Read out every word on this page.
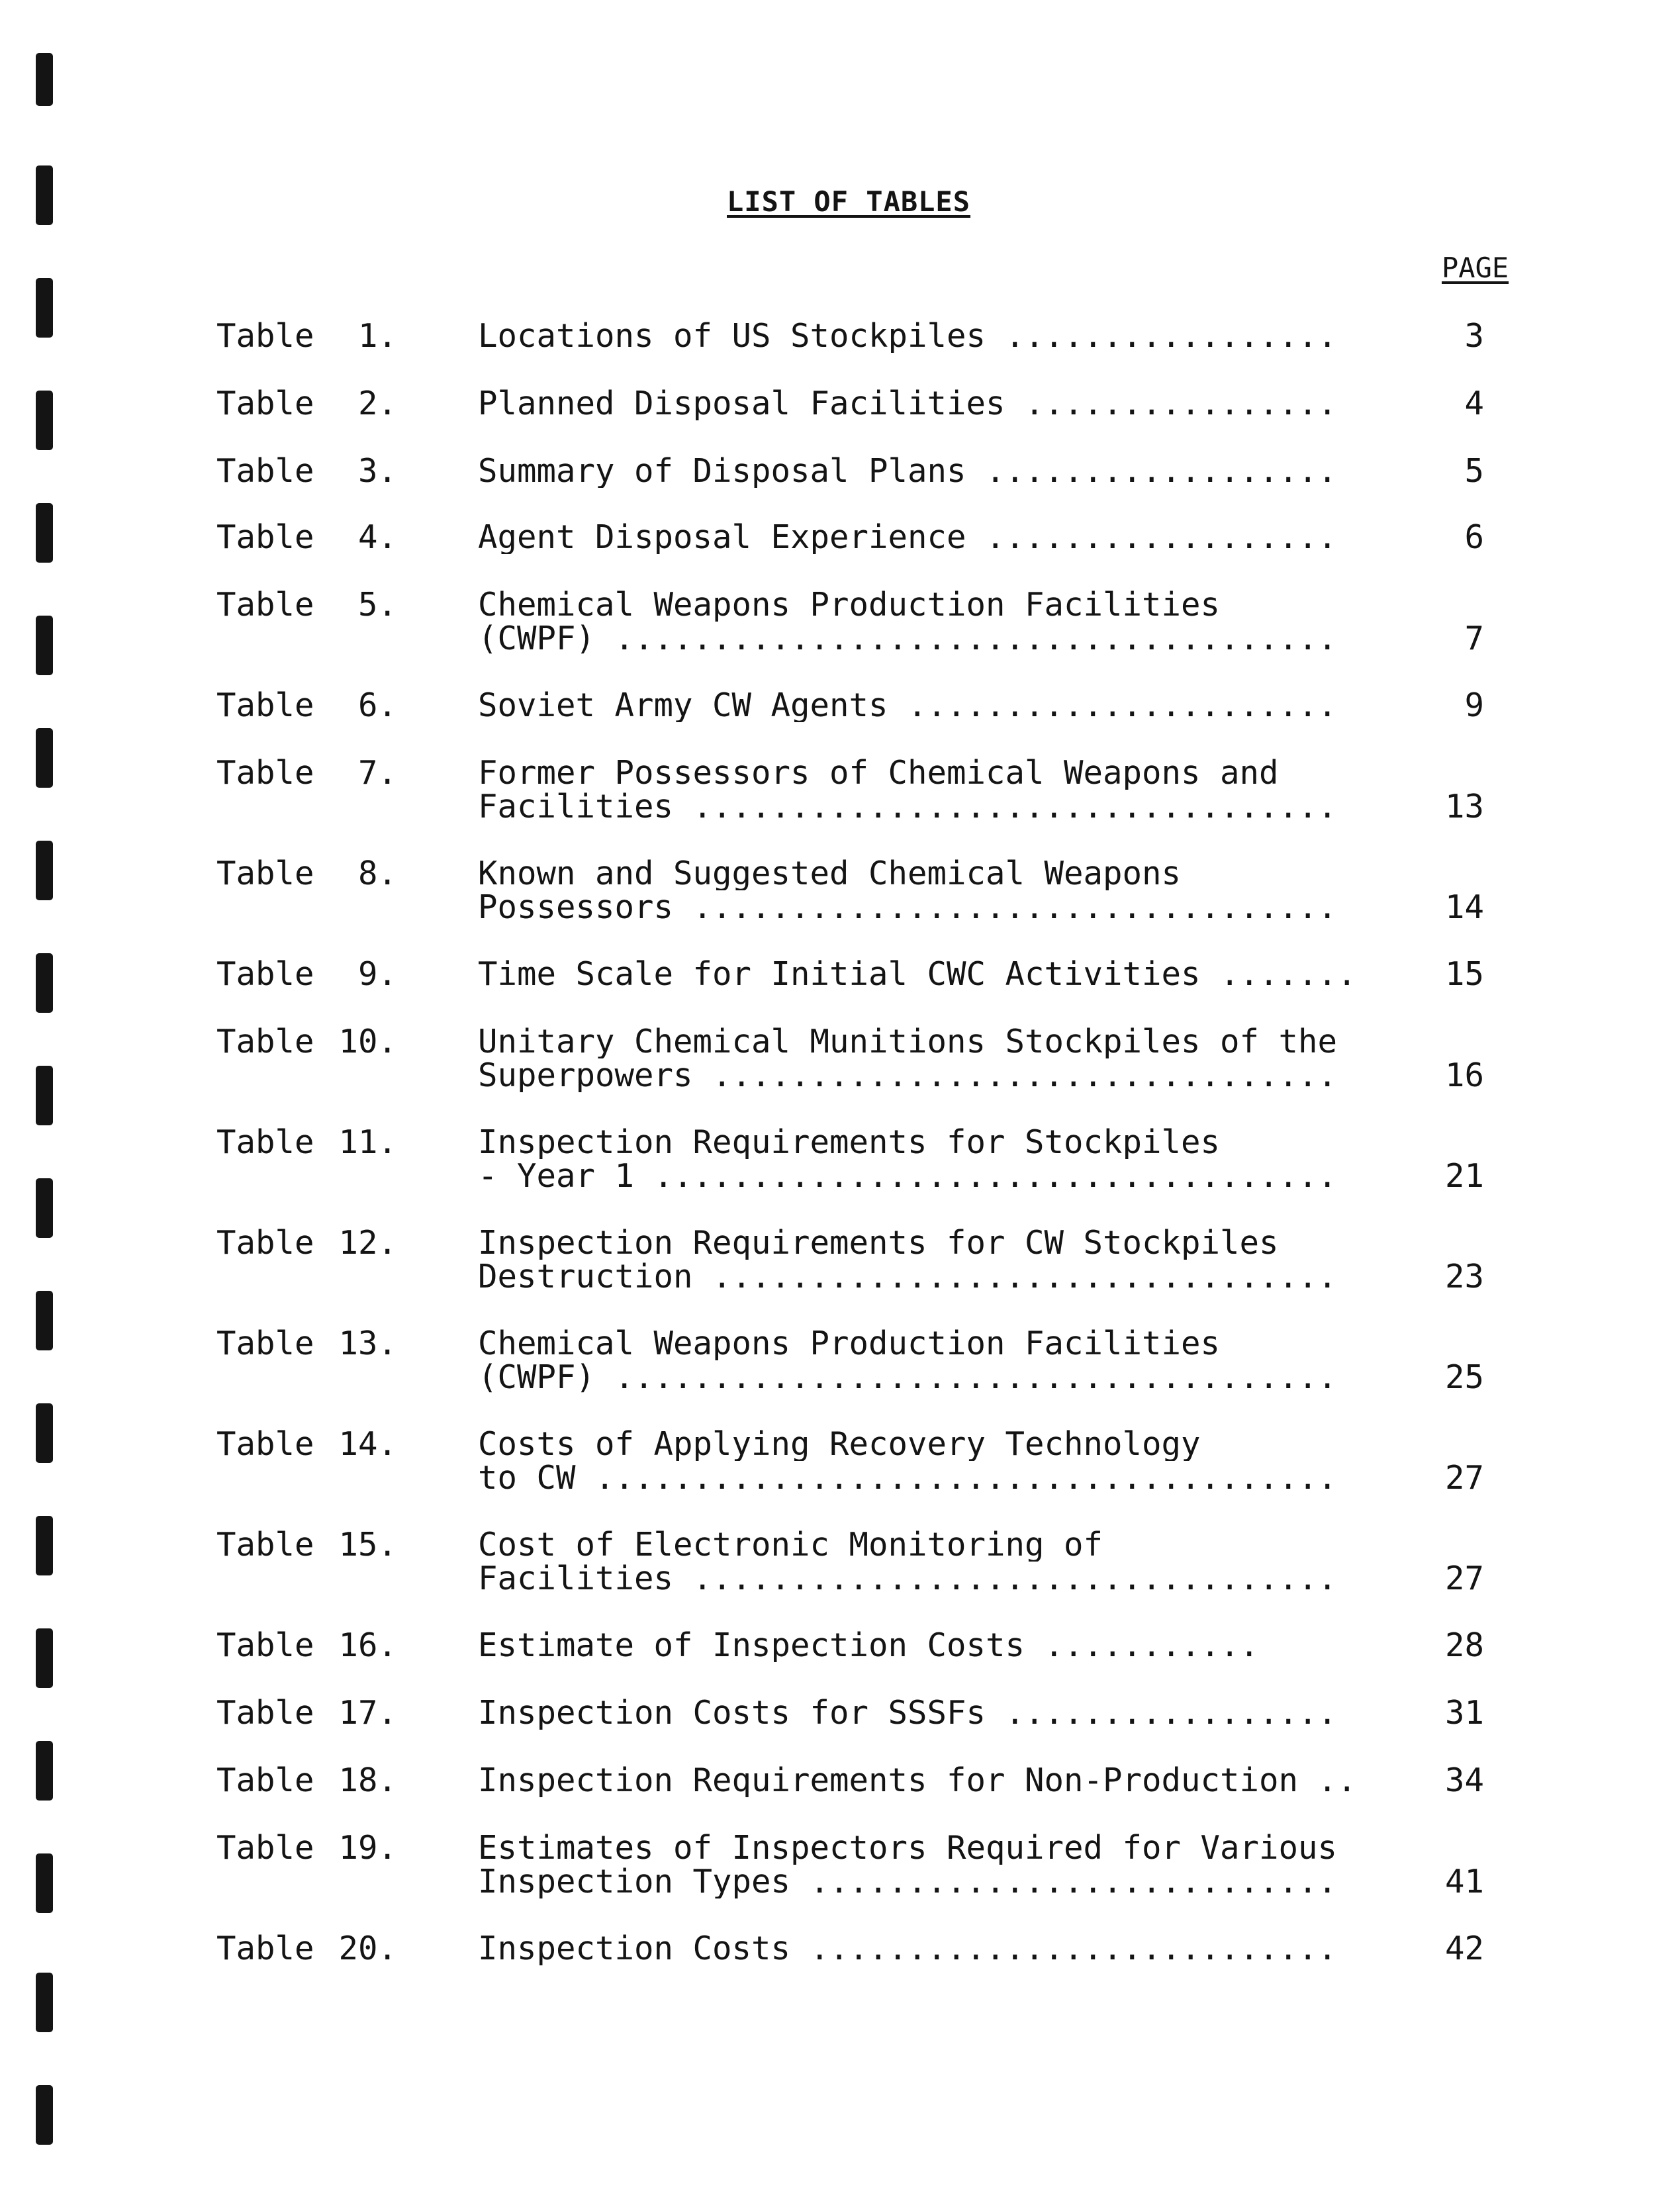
LIST OF TABLES
PAGE
Table	1. Locations of US Stockpiles .................	3
Table	2. Planned Disposal Facilities ................	4
Table	3. Summary of Disposal Plans ..................	5
Table	4. Agent Disposal Experience ..................	6
Table	5. Chemical Weapons Production Facilities
(CWPF) .....................................	7
Table	6. Soviet Army CW Agents ......................	9
Table	7. Former Possessors of Chemical Weapons and
Facilities .................................	13
Table	8. Known and Suggested Chemical Weapons
Possessors .................................	14
Table	9. Time Scale for Initial CWC Activities .......	15
Table 10. Unitary Chemical Munitions Stockpiles of the
Superpowers ................................	16
Table 11. Inspection Requirements for Stockpiles
- Year 1 ...................................	21
Table 12. Inspection Requirements for CW Stockpiles
Destruction ................................	23
Table 13. Chemical Weapons Production Facilities
(CWPF) .....................................	25
Table 14. Costs of Applying Recovery Technology
to CW ......................................	27
Table 15. Cost of Electronic Monitoring of
Facilities .................................	27
Table 16. Estimate of Inspection Costs ...........	28
Table 17. Inspection Costs for SSSFs .................	31
Table 18. Inspection Requirements for Non-Production ..	34
Table 19. Estimates of Inspectors Required for Various
Inspection Types ...........................	41
Table 20. Inspection Costs ...........................	42
